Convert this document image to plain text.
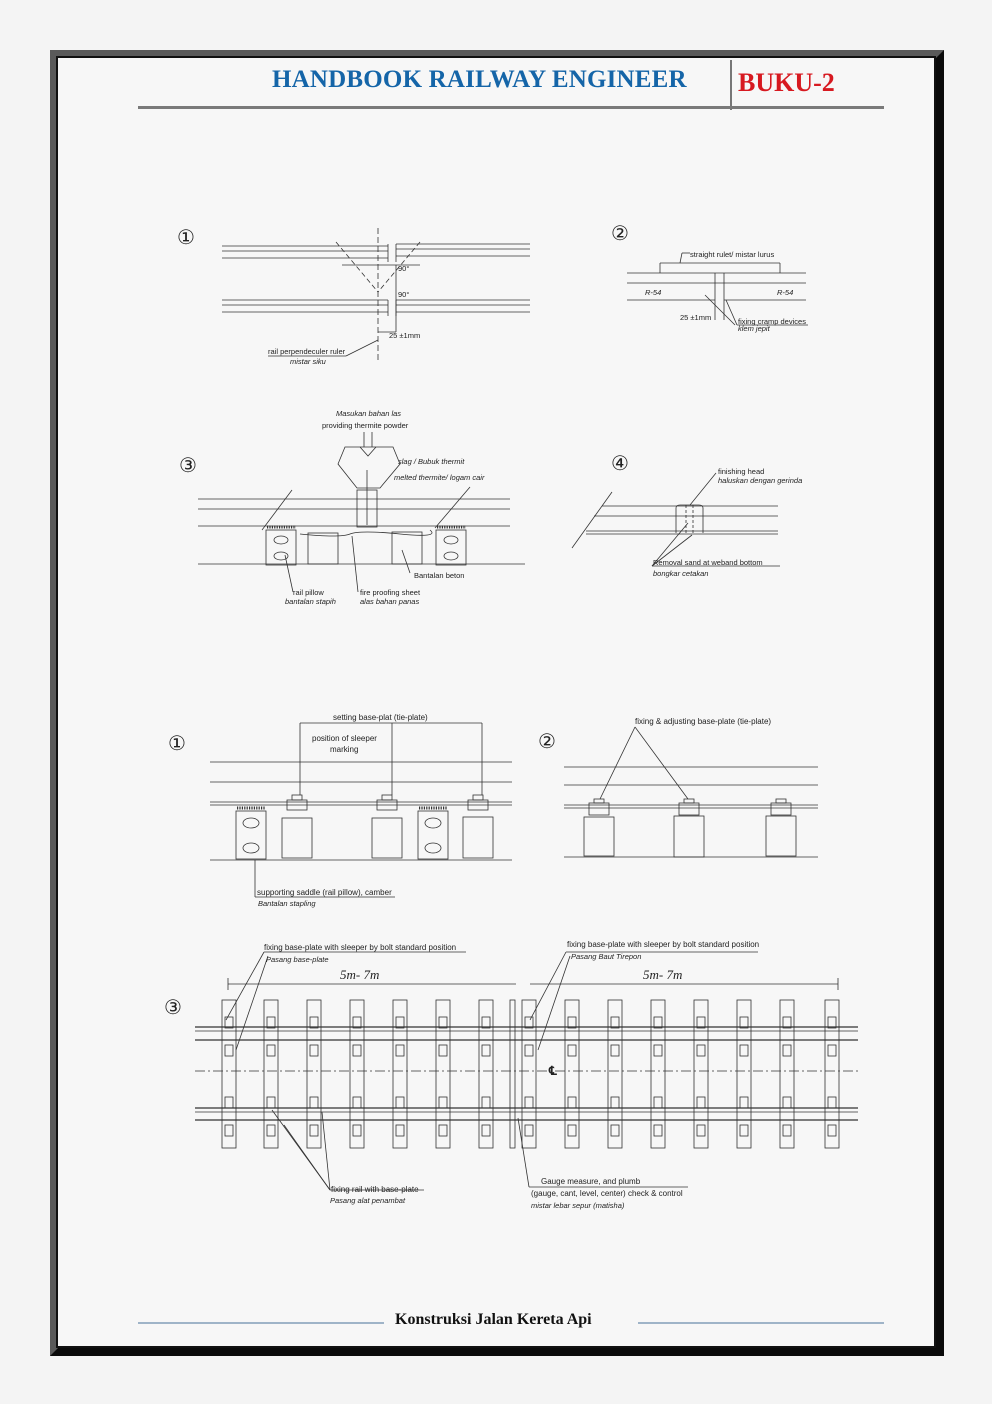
HANDBOOK RAILWAY ENGINEER BUKU-2
①
90°
90°
25 ±1mm
rail perpendeculer ruler
mistar siku
②
straight rulet/ mistar lurus
R-54	R-54
25 ±1mm	fixing cramp devices
klem jepit
③
Masukan bahan las
providing thermite powder
slag / Bubuk thermit
melted thermite/ logam cair
Bantalan beton
rail pillow
bantalan stapih
fire proofing sheet
alas bahan panas
④	finishing head
haluskan dengan gerinda
Removal sand at weband bottom
bongkar cetakan
①
setting base-plat (tie-plate)
position of sleeper
marking
supporting saddle (rail pillow), camber
Bantalan stapling
②
fixing & adjusting base-plate (tie-plate)
③
fixing base-plate with sleeper by bolt standard position
Pasang base-plate
fixing base-plate with sleeper by bolt standard position
Pasang Baut Tirepon
5m- 7m	5m- 7m
℄
fixing rail with base-plate
Pasang alat penambat
Gauge measure, and plumb
(gauge, cant, level, center) check & control
mistar lebar sepur (matisha)
Konstruksi Jalan Kereta Api
